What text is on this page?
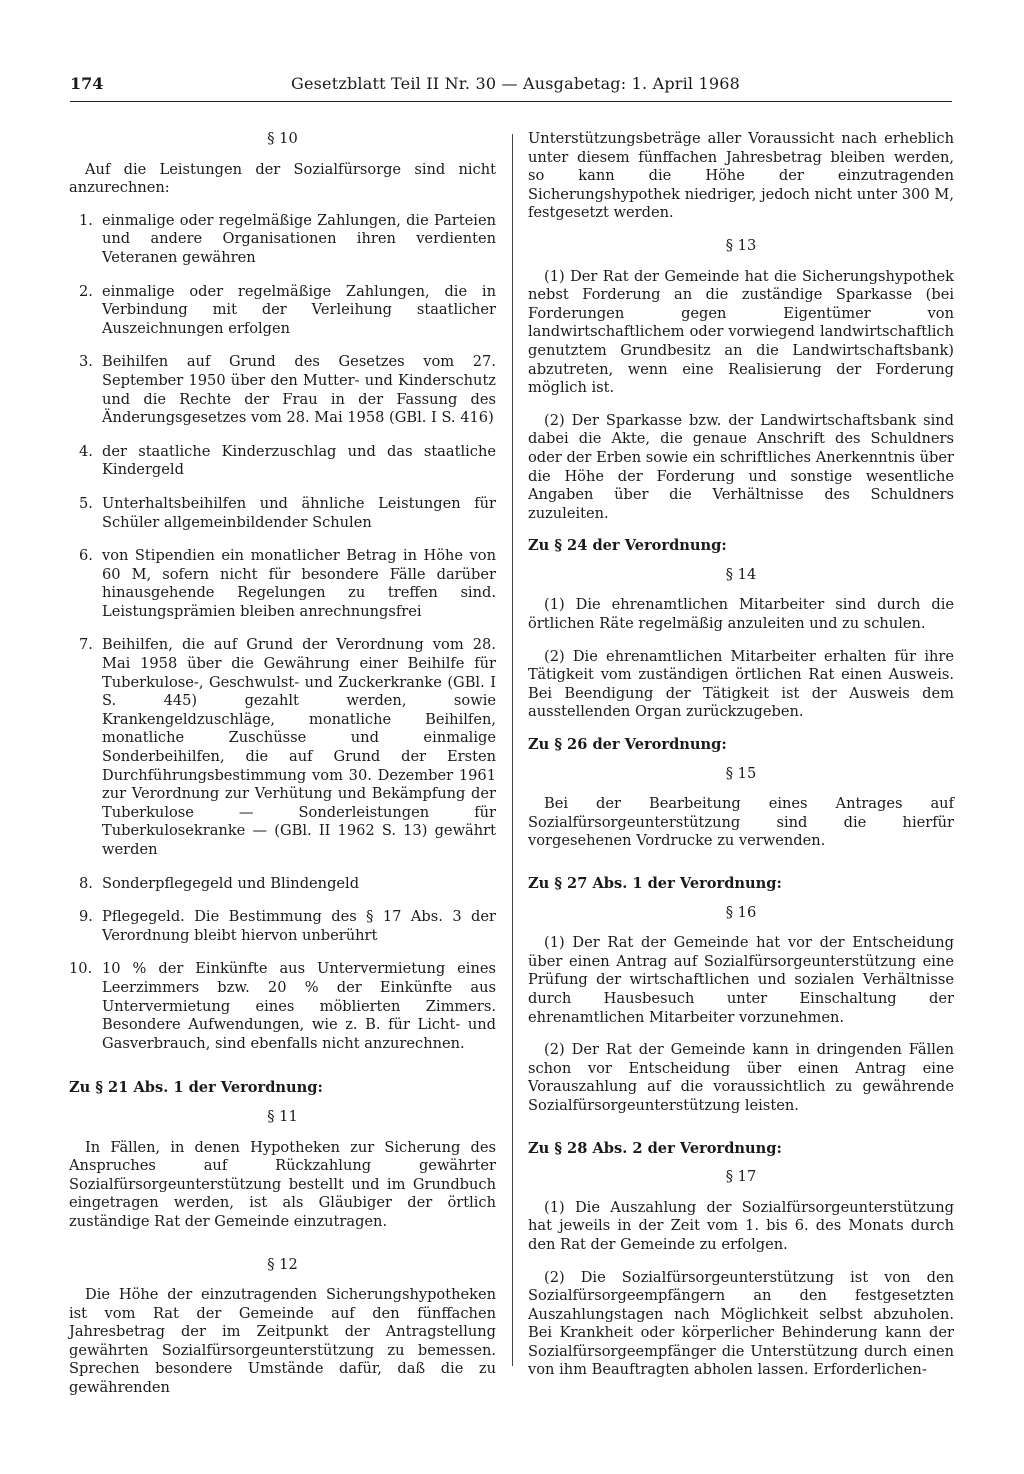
174	Gesetzblatt Teil II Nr. 30 — Ausgabetag: 1. April 1968
§ 10
Auf die Leistungen der Sozialfürsorge sind nicht anzurechnen:
1. einmalige oder regelmäßige Zahlungen, die Parteien und andere Organisationen ihren verdienten Veteranen gewähren
2. einmalige oder regelmäßige Zahlungen, die in Verbindung mit der Verleihung staatlicher Auszeichnungen erfolgen
3. Beihilfen auf Grund des Gesetzes vom 27. September 1950 über den Mutter- und Kinderschutz und die Rechte der Frau in der Fassung des Änderungsgesetzes vom 28. Mai 1958 (GBl. I S. 416)
4. der staatliche Kinderzuschlag und das staatliche Kindergeld
5. Unterhaltsbeihilfen und ähnliche Leistungen für Schüler allgemeinbildender Schulen
6. von Stipendien ein monatlicher Betrag in Höhe von 60 M, sofern nicht für besondere Fälle darüber hinausgehende Regelungen zu treffen sind. Leistungsprämien bleiben anrechnungsfrei
7. Beihilfen, die auf Grund der Verordnung vom 28. Mai 1958 über die Gewährung einer Beihilfe für Tuberkulose-, Geschwulst- und Zuckerkranke (GBl. I S. 445) gezahlt werden, sowie Krankengeldzuschläge, monatliche Beihilfen, monatliche Zuschüsse und einmalige Sonderbeihilfen, die auf Grund der Ersten Durchführungsbestimmung vom 30. Dezember 1961 zur Verordnung zur Verhütung und Bekämpfung der Tuberkulose — Sonderleistungen für Tuberkulosekranke — (GBl. II 1962 S. 13) gewährt werden
8. Sonderpflegegeld und Blindengeld
9. Pflegegeld. Die Bestimmung des § 17 Abs. 3 der Verordnung bleibt hiervon unberührt
10. 10 % der Einkünfte aus Untervermietung eines Leerzimmers bzw. 20 % der Einkünfte aus Untervermietung eines möblierten Zimmers. Besondere Aufwendungen, wie z. B. für Licht- und Gasverbrauch, sind ebenfalls nicht anzurechnen.
Zu § 21 Abs. 1 der Verordnung:
§ 11
In Fällen, in denen Hypotheken zur Sicherung des Anspruches auf Rückzahlung gewährter Sozialfürsorgeunterstützung bestellt und im Grundbuch eingetragen werden, ist als Gläubiger der örtlich zuständige Rat der Gemeinde einzutragen.
§ 12
Die Höhe der einzutragenden Sicherungshypotheken ist vom Rat der Gemeinde auf den fünffachen Jahresbetrag der im Zeitpunkt der Antragstellung gewährten Sozialfürsorgeunterstützung zu bemessen. Sprechen besondere Umstände dafür, daß die zu gewährenden
Unterstützungsbeträge aller Voraussicht nach erheblich unter diesem fünffachen Jahresbetrag bleiben werden, so kann die Höhe der einzutragenden Sicherungshypothek niedriger, jedoch nicht unter 300 M, festgesetzt werden.
§ 13
(1) Der Rat der Gemeinde hat die Sicherungshypothek nebst Forderung an die zuständige Sparkasse (bei Forderungen gegen Eigentümer von landwirtschaftlichem oder vorwiegend landwirtschaftlich genutztem Grundbesitz an die Landwirtschaftsbank) abzutreten, wenn eine Realisierung der Forderung möglich ist.
(2) Der Sparkasse bzw. der Landwirtschaftsbank sind dabei die Akte, die genaue Anschrift des Schuldners oder der Erben sowie ein schriftliches Anerkenntnis über die Höhe der Forderung und sonstige wesentliche Angaben über die Verhältnisse des Schuldners zuzuleiten.
Zu § 24 der Verordnung:
§ 14
(1) Die ehrenamtlichen Mitarbeiter sind durch die örtlichen Räte regelmäßig anzuleiten und zu schulen.
(2) Die ehrenamtlichen Mitarbeiter erhalten für ihre Tätigkeit vom zuständigen örtlichen Rat einen Ausweis. Bei Beendigung der Tätigkeit ist der Ausweis dem ausstellenden Organ zurückzugeben.
Zu § 26 der Verordnung:
§ 15
Bei der Bearbeitung eines Antrages auf Sozialfürsorgeunterstützung sind die hierfür vorgesehenen Vordrucke zu verwenden.
Zu § 27 Abs. 1 der Verordnung:
§ 16
(1) Der Rat der Gemeinde hat vor der Entscheidung über einen Antrag auf Sozialfürsorgeunterstützung eine Prüfung der wirtschaftlichen und sozialen Verhältnisse durch Hausbesuch unter Einschaltung der ehrenamtlichen Mitarbeiter vorzunehmen.
(2) Der Rat der Gemeinde kann in dringenden Fällen schon vor Entscheidung über einen Antrag eine Vorauszahlung auf die voraussichtlich zu gewährende Sozialfürsorgeunterstützung leisten.
Zu § 28 Abs. 2 der Verordnung:
§ 17
(1) Die Auszahlung der Sozialfürsorgeunterstützung hat jeweils in der Zeit vom 1. bis 6. des Monats durch den Rat der Gemeinde zu erfolgen.
(2) Die Sozialfürsorgeunterstützung ist von den Sozialfürsorgeempfängern an den festgesetzten Auszahlungstagen nach Möglichkeit selbst abzuholen. Bei Krankheit oder körperlicher Behinderung kann der Sozialfürsorgeempfänger die Unterstützung durch einen von ihm Beauftragten abholen lassen. Erforderlichen-
